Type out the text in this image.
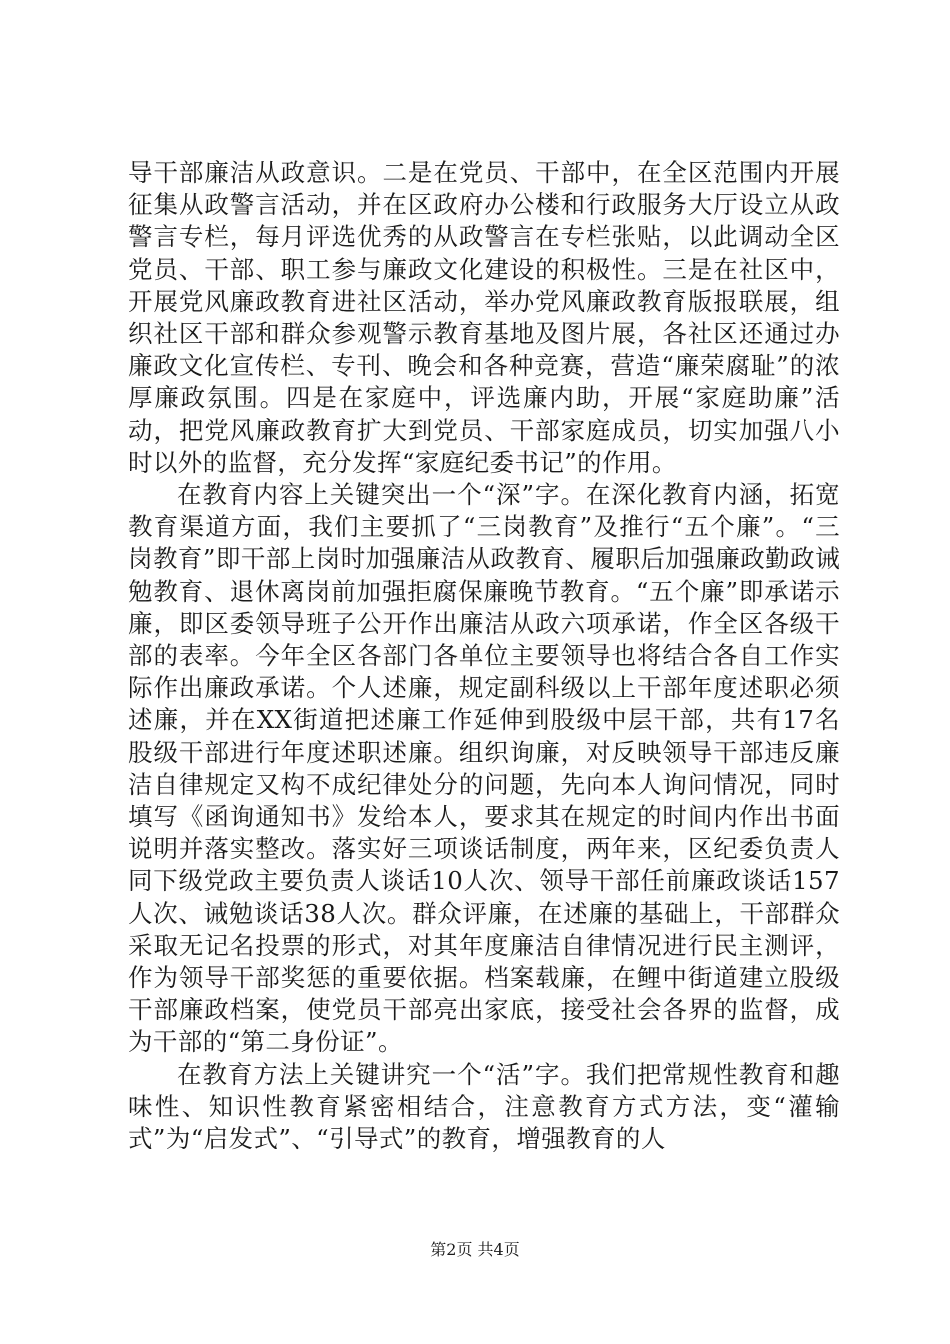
导干部廉洁从政意识。二是在党员、干部中，在全区范围内开展征集从政警言活动，并在区政府办公楼和行政服务大厅设立从政警言专栏，每月评选优秀的从政警言在专栏张贴，以此调动全区党员、干部、职工参与廉政文化建设的积极性。三是在社区中，开展党风廉政教育进社区活动，举办党风廉政教育版报联展，组织社区干部和群众参观警示教育基地及图片展，各社区还通过办廉政文化宣传栏、专刊、晚会和各种竞赛，营造“廉荣腐耻”的浓厚廉政氛围。四是在家庭中，评选廉内助，开展“家庭助廉”活动，把党风廉政教育扩大到党员、干部家庭成员，切实加强八小时以外的监督，充分发挥“家庭纪委书记”的作用。

在教育内容上关键突出一个“深”字。在深化教育内涵，拓宽教育渠道方面，我们主要抓了“三岗教育”及推行“五个廉”。“三岗教育”即干部上岗时加强廉洁从政教育、履职后加强廉政勤政诫勉教育、退休离岗前加强拒腐保廉晚节教育。“五个廉”即承诺示廉，即区委领导班子公开作出廉洁从政六项承诺，作全区各级干部的表率。今年全区各部门各单位主要领导也将结合各自工作实际作出廉政承诺。个人述廉，规定副科级以上干部年度述职必须述廉，并在XX街道把述廉工作延伸到股级中层干部，共有17名股级干部进行年度述职述廉。组织询廉，对反映领导干部违反廉洁自律规定又构不成纪律处分的问题，先向本人询问情况，同时填写《函询通知书》发给本人，要求其在规定的时间内作出书面说明并落实整改。落实好三项谈话制度，两年来，区纪委负责人同下级党政主要负责人谈话10人次、领导干部任前廉政谈话157人次、诫勉谈话38人次。群众评廉，在述廉的基础上，干部群众采取无记名投票的形式，对其年度廉洁自律情况进行民主测评，作为领导干部奖惩的重要依据。档案载廉，在鲤中街道建立股级干部廉政档案，使党员干部亮出家底，接受社会各界的监督，成为干部的“第二身份证”。

在教育方法上关键讲究一个“活”字。我们把常规性教育和趣味性、知识性教育紧密相结合，注意教育方式方法，变“灌输式”为“启发式”、“引导式”的教育，增强教育的人

第2页 共4页
